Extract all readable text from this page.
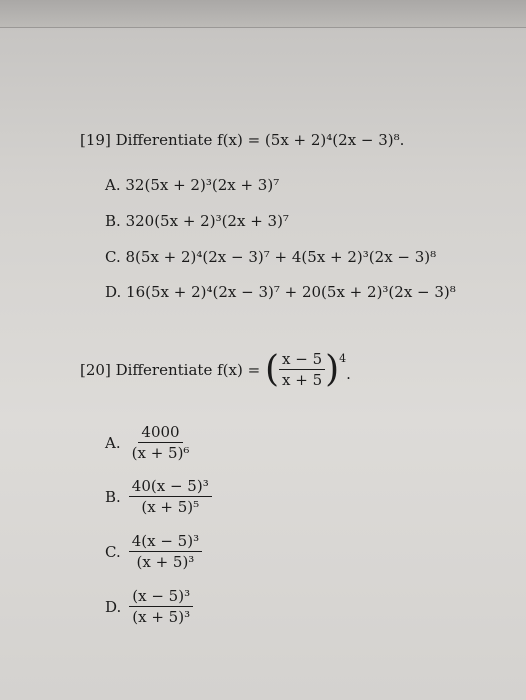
[19] Differentiate f(x) = (5x + 2)⁴(2x − 3)⁸.
A. 32(5x + 2)³(2x + 3)⁷
B. 320(5x + 2)³(2x + 3)⁷
C. 8(5x + 2)⁴(2x − 3)⁷ + 4(5x + 2)³(2x − 3)⁸
D. 16(5x + 2)⁴(2x − 3)⁷ + 20(5x + 2)³(2x − 3)⁸
[20]
Differentiate
f(x) =
( $\frac{x - 5}{x + 5}$ ) 4
.
A. $\frac{4000}{\text{(x + 5)⁶}}$
B. $\frac{\text{40(x − 5)³}}{\text{(x + 5)⁵}}$
C. $\frac{\text{4(x − 5)³}}{\text{(x + 5)³}}$
D. $\frac{\text{(x − 5)³}}{\text{(x + 5)³}}$
